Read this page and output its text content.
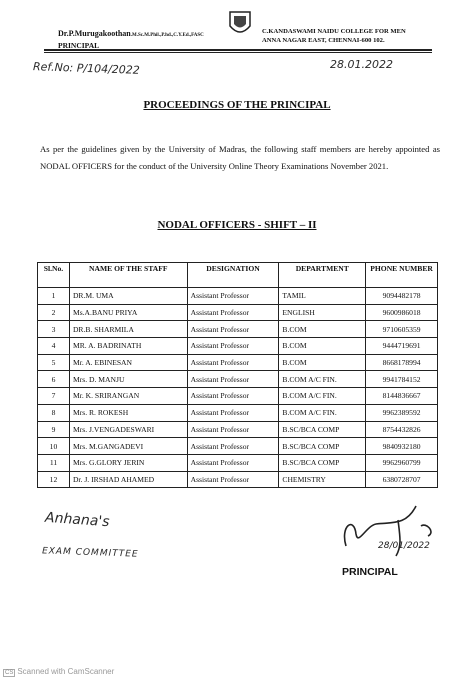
Dr.P.Murugakoothan.M.Sc.M.Phil.,P.hd.,C.Y.Ed.,FASC
PRINCIPAL
C.KANDASWAMI NAIDU COLLEGE FOR MEN
ANNA NAGAR EAST, CHENNAI-600 102.
Ref.No: P/104/2022	28.01.2022
PROCEEDINGS OF THE PRINCIPAL
As per the guidelines given by the University of Madras, the following staff members are hereby appointed as NODAL OFFICERS for the conduct of the University Online Theory Examinations November 2021.
NODAL OFFICERS - SHIFT – II
Sl.No.	NAME OF THE STAFF	DESIGNATION	DEPARTMENT	PHONE NUMBER
1	DR.M. UMA	Assistant Professor	TAMIL	9094482178
2	Ms.A.BANU PRIYA	Assistant Professor	ENGLISH	9600986018
3	DR.B. SHARMILA	Assistant Professor	B.COM	9710605359
4	MR. A. BADRINATH	Assistant Professor	B.COM	9444719691
5	Mr. A. EBINESAN	Assistant Professor	B.COM	8668178994
6	Mrs. D. MANJU	Assistant Professor	B.COM A/C FIN.	9941784152
7	Mr. K. SRIRANGAN	Assistant Professor	B.COM A/C FIN.	8144836667
8	Mrs. R. ROKESH	Assistant Professor	B.COM A/C FIN.	9962389592
9	Mrs. J.VENGADESWARI	Assistant Professor	B.SC/BCA COMP	8754432826
10	Mrs. M.GANGADEVI	Assistant Professor	B.SC/BCA COMP	9840932180
11	Mrs. G.GLORY JERIN	Assistant Professor	B.SC/BCA COMP	9962960799
12	Dr. J. IRSHAD AHAMED	Assistant Professor	CHEMISTRY	6380728707
Anhana's
EXAM COMMITTEE
28/01/2022
PRINCIPAL
CS Scanned with CamScanner
